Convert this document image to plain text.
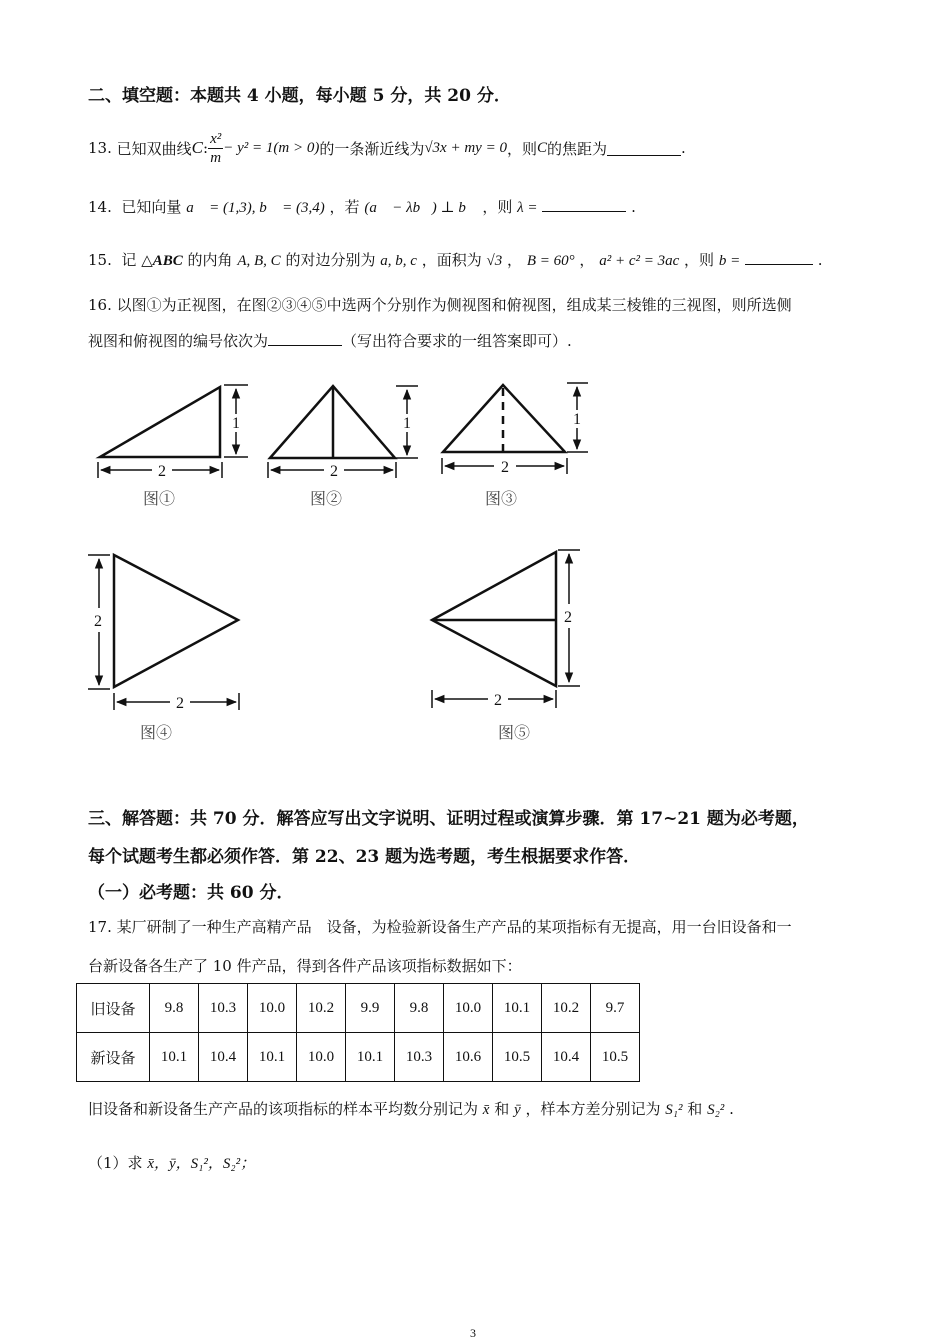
二、填空题：本题共 4 小题，每小题 5 分，共 20 分．
13.
已知双曲线 C : $\frac{\text{x²}}{m} - y^2 = 1(m > 0)$ 的一条渐近线为 √3x + my = 0 ，则 C 的焦距为	.
14. 已知向量 a⃗ = (1,3), b⃗ = (3,4) ，若 (a⃗ − λb⃗) ⊥ b⃗ ，则 λ =	.
15. 记 △ABC 的内角 A, B, C 的对边分别为 a, b, c ，面积为 √3 ， B = 60° ， a² + c² = 3ac ，则 b =	.
16. 以图①为正视图，在图②③④⑤中选两个分别作为侧视图和俯视图，组成某三棱锥的三视图，则所选侧
视图和俯视图的编号依次为	（写出符合要求的一组答案即可）.
1
2
图①
1
2
图②
1
2
图③
2
2
图④
2
2
图⑤
三、解答题：共 70 分．解答应写出文字说明、证明过程或演算步骤．第 17~21 题为必考题，
每个试题考生都必须作答．第 22、23 题为选考题，考生根据要求作答．
（一）必考题：共 60 分．
17. 某厂研制了一种生产高精产品　设备，为检验新设备生产产品的某项指标有无提高，用一台旧设备和一
台新设备各生产了 10 件产品，得到各件产品该项指标数据如下：
旧设备	9.8	10.3	10.0	10.2	9.9	9.8	10.0	10.1	10.2	9.7
新设备	10.1	10.4	10.1	10.0	10.1	10.3	10.6	10.5	10.4	10.5
旧设备和新设备生产产品的该项指标的样本平均数分别记为 x̄ 和 ȳ ，样本方差分别记为 S₁² 和 S₂² .
（1）求 x̄，ȳ，S₁²，S₂²；
3
